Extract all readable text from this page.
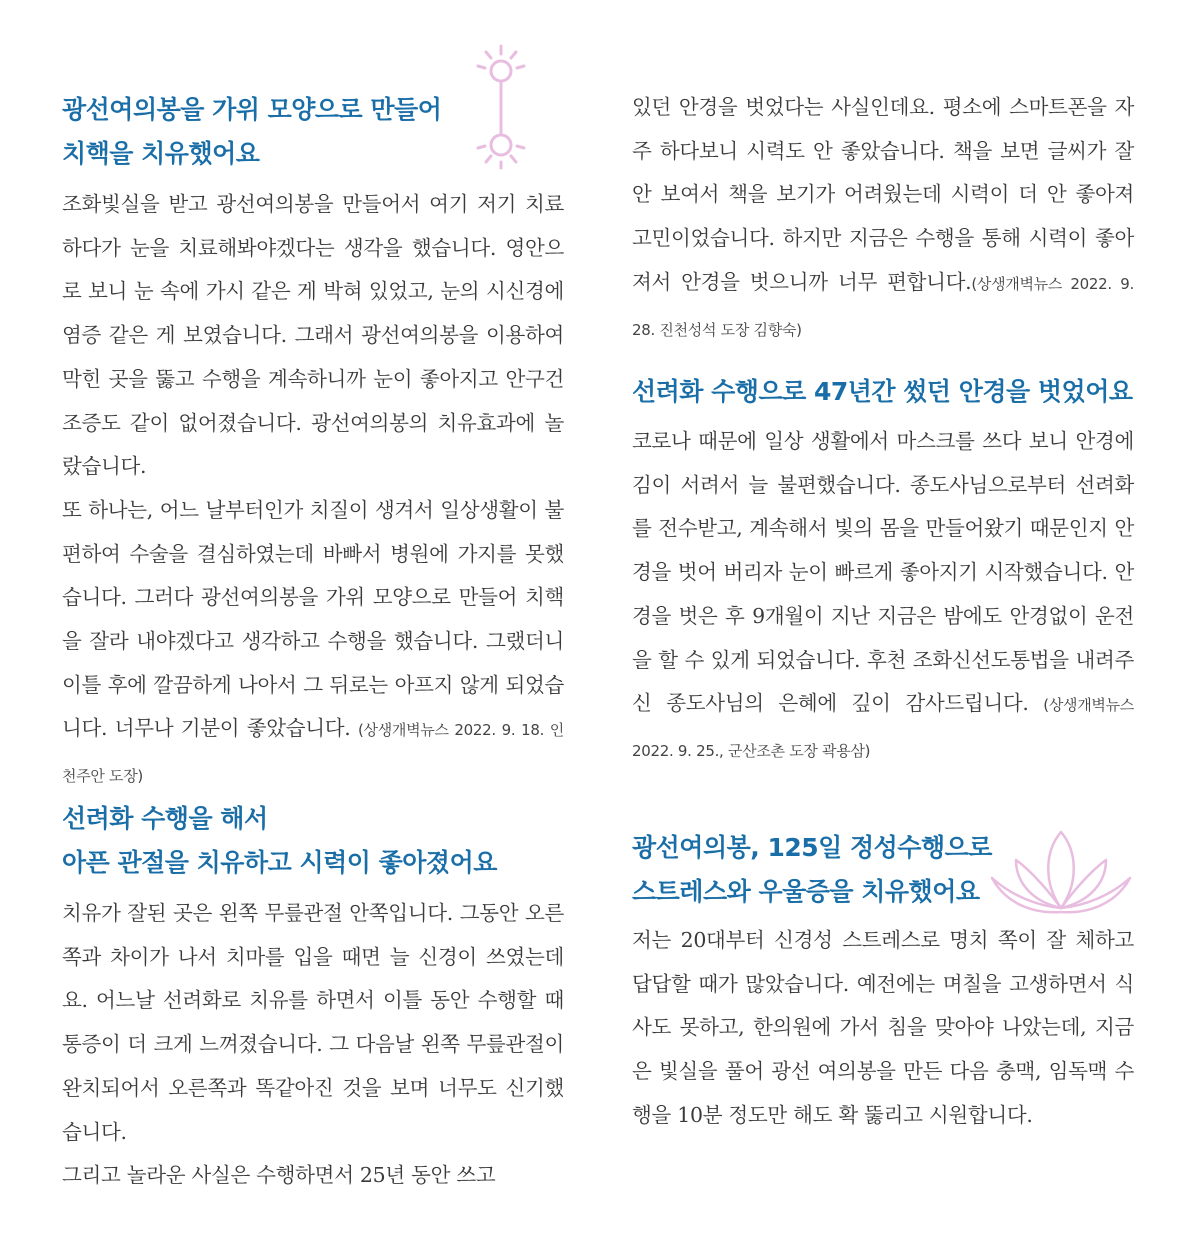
광선여의봉을 가위 모양으로 만들어
치핵을 치유했어요

조화빛실을 받고 광선여의봉을 만들어서 여기 저기 치료하다가 눈을 치료해봐야겠다는 생각을 했습니다. 영안으로 보니 눈 속에 가시 같은 게 박혀 있었고, 눈의 시신경에 염증 같은 게 보였습니다. 그래서 광선여의봉을 이용하여 막힌 곳을 뚫고 수행을 계속하니까 눈이 좋아지고 안구건조증도 같이 없어졌습니다. 광선여의봉의 치유효과에 놀랐습니다.

또 하나는, 어느 날부터인가 치질이 생겨서 일상생활이 불편하여 수술을 결심하였는데 바빠서 병원에 가지를 못했습니다. 그러다 광선여의봉을 가위 모양으로 만들어 치핵을 잘라 내야겠다고 생각하고 수행을 했습니다. 그랬더니 이틀 후에 깔끔하게 나아서 그 뒤로는 아프지 않게 되었습니다. 너무나 기분이 좋았습니다. (상생개벽뉴스 2022. 9. 18. 인천주안 도장)

선려화 수행을 해서
아픈 관절을 치유하고 시력이 좋아졌어요

치유가 잘된 곳은 왼쪽 무릎관절 안쪽입니다. 그동안 오른쪽과 차이가 나서 치마를 입을 때면 늘 신경이 쓰였는데요. 어느날 선려화로 치유를 하면서 이틀 동안 수행할 때 통증이 더 크게 느껴졌습니다. 그 다음날 왼쪽 무릎관절이 완치되어서 오른쪽과 똑같아진 것을 보며 너무도 신기했습니다.

그리고 놀라운 사실은 수행하면서 25년 동안 쓰고

있던 안경을 벗었다는 사실인데요. 평소에 스마트폰을 자주 하다보니 시력도 안 좋았습니다. 책을 보면 글씨가 잘 안 보여서 책을 보기가 어려웠는데 시력이 더 안 좋아져 고민이었습니다. 하지만 지금은 수행을 통해 시력이 좋아져서 안경을 벗으니까 너무 편합니다.(상생개벽뉴스 2022. 9. 28. 진천성석 도장 김향숙)

선려화 수행으로 47년간 썼던 안경을 벗었어요

코로나 때문에 일상 생활에서 마스크를 쓰다 보니 안경에 김이 서려서 늘 불편했습니다. 종도사님으로부터 선려화를 전수받고, 계속해서 빛의 몸을 만들어왔기 때문인지 안경을 벗어 버리자 눈이 빠르게 좋아지기 시작했습니다. 안경을 벗은 후 9개월이 지난 지금은 밤에도 안경없이 운전을 할 수 있게 되었습니다. 후천 조화신선도통법을 내려주신 종도사님의 은혜에 깊이 감사드립니다. (상생개벽뉴스 2022. 9. 25., 군산조촌 도장 곽용삼)

광선여의봉, 125일 정성수행으로
스트레스와 우울증을 치유했어요

저는 20대부터 신경성 스트레스로 명치 쪽이 잘 체하고 답답할 때가 많았습니다. 예전에는 며칠을 고생하면서 식사도 못하고, 한의원에 가서 침을 맞아야 나았는데, 지금은 빛실을 풀어 광선 여의봉을 만든 다음 충맥, 임독맥 수행을 10분 정도만 해도 확 뚫리고 시원합니다.
